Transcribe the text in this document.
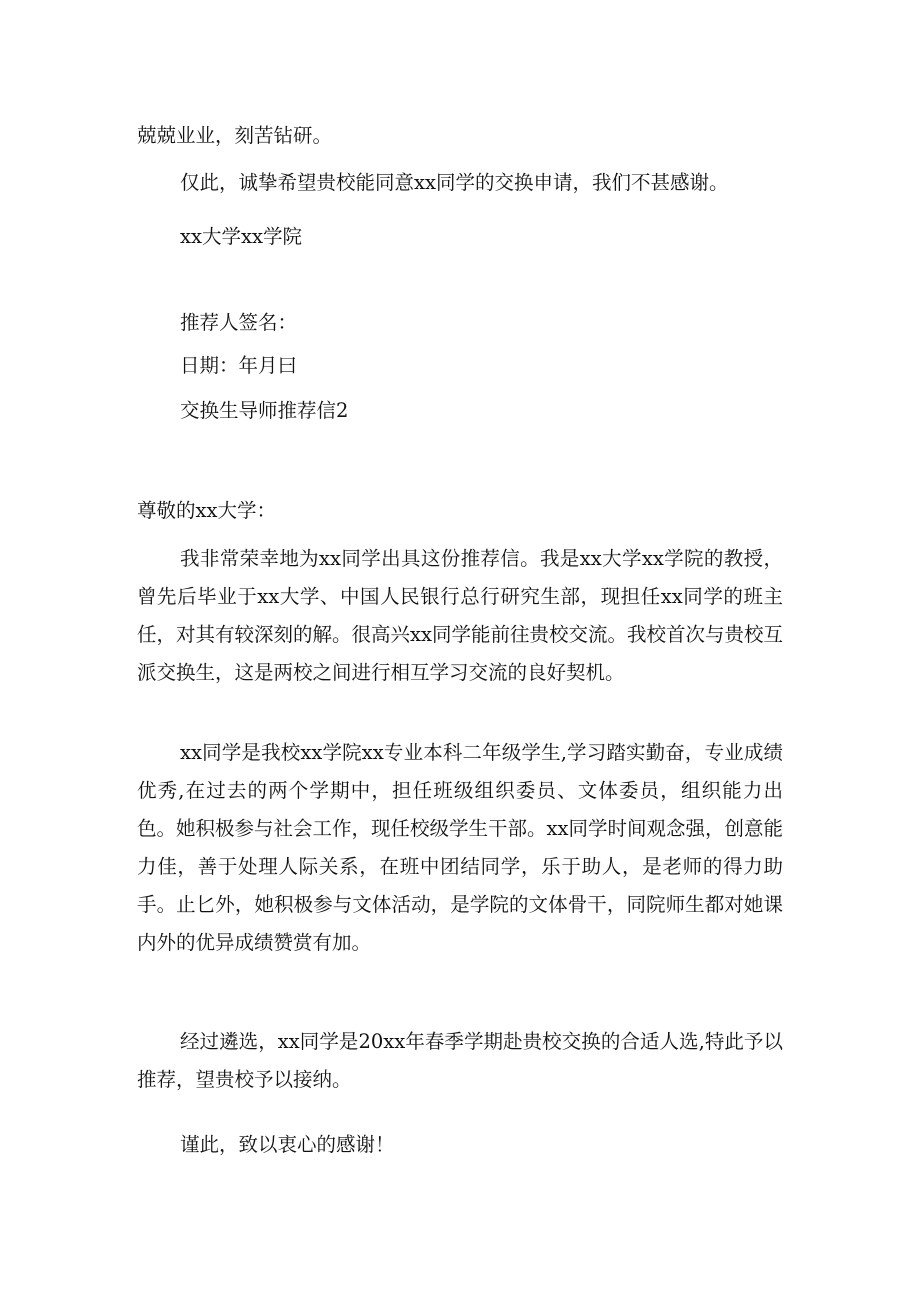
兢兢业业，刻苦钻研。

仅此，诚挚希望贵校能同意xx同学的交换申请，我们不甚感谢。

xx大学xx学院

推荐人签名：

日期：年月曰

交换生导师推荐信2

尊敬的xx大学：

我非常荣幸地为xx同学出具这份推荐信。我是xx大学xx学院的教授，曾先后毕业于xx大学、中国人民银行总行研究生部，现担任xx同学的班主任，对其有较深刻的解。很高兴xx同学能前往贵校交流。我校首次与贵校互派交换生，这是两校之间进行相互学习交流的良好契机。

xx同学是我校xx学院xx专业本科二年级学生,学习踏实勤奋，专业成绩优秀,在过去的两个学期中，担任班级组织委员、文体委员，组织能力出色。她积极参与社会工作，现任校级学生干部。xx同学时间观念强，创意能力佳，善于处理人际关系，在班中团结同学，乐于助人，是老师的得力助手。止匕外，她积极参与文体活动，是学院的文体骨干，同院师生都对她课内外的优异成绩赞赏有加。

经过遴选，xx同学是20xx年春季学期赴贵校交换的合适人选,特此予以推荐，望贵校予以接纳。

谨此，致以衷心的感谢！
